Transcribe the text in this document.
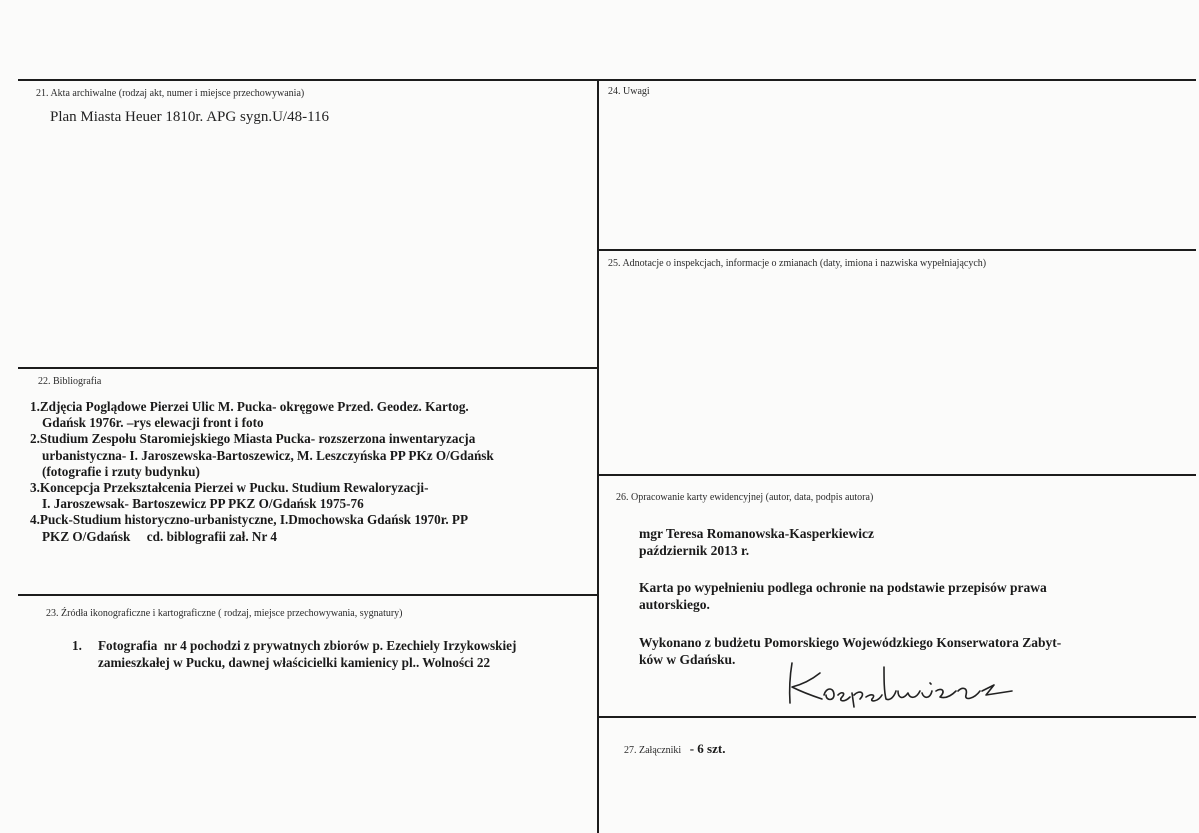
21. Akta archiwalne (rodzaj akt, numer i miejsce przechowywania)
Plan Miasta Heuer 1810r. APG sygn.U/48-116
22. Bibliografia
1.Zdjęcia Poglądowe Pierzei Ulic M. Pucka- okręgowe Przed. Geodez. Kartog.
Gdańsk 1976r. –rys elewacji front i foto
2.Studium Zespołu Staromiejskiego Miasta Pucka- rozszerzona inwentaryzacja
urbanistyczna- I. Jaroszewska-Bartoszewicz, M. Leszczyńska PP PKz O/Gdańsk
(fotografie i rzuty budynku)
3.Koncepcja Przekształcenia Pierzei w Pucku. Studium Rewaloryzacji-
I. Jaroszewsak- Bartoszewicz PP PKZ O/Gdańsk 1975-76
4.Puck-Studium historyczno-urbanistyczne, I.Dmochowska Gdańsk 1970r. PP
PKZ O/Gdańsk     cd. biblografii zał. Nr 4
23. Źródła ikonograficzne i kartograficzne ( rodzaj, miejsce przechowywania, sygnatury)
1. Fotografia  nr 4 pochodzi z prywatnych zbiorów p. Ezechiely Irzykowskiej
zamieszkałej w Pucku, dawnej właścicielki kamienicy pl.. Wolności 22
24. Uwagi
25. Adnotacje o inspekcjach, informacje o zmianach (daty, imiona i nazwiska wypełniających)
26. Opracowanie karty ewidencyjnej (autor, data, podpis autora)
mgr Teresa Romanowska-Kasperkiewicz
październik 2013 r.
Karta po wypełnieniu podlega ochronie na podstawie przepisów prawa
autorskiego.
Wykonano z budżetu Pomorskiego Wojewódzkiego Konserwatora Zabyt-
ków w Gdańsku.
27. Załączniki - 6 szt.
